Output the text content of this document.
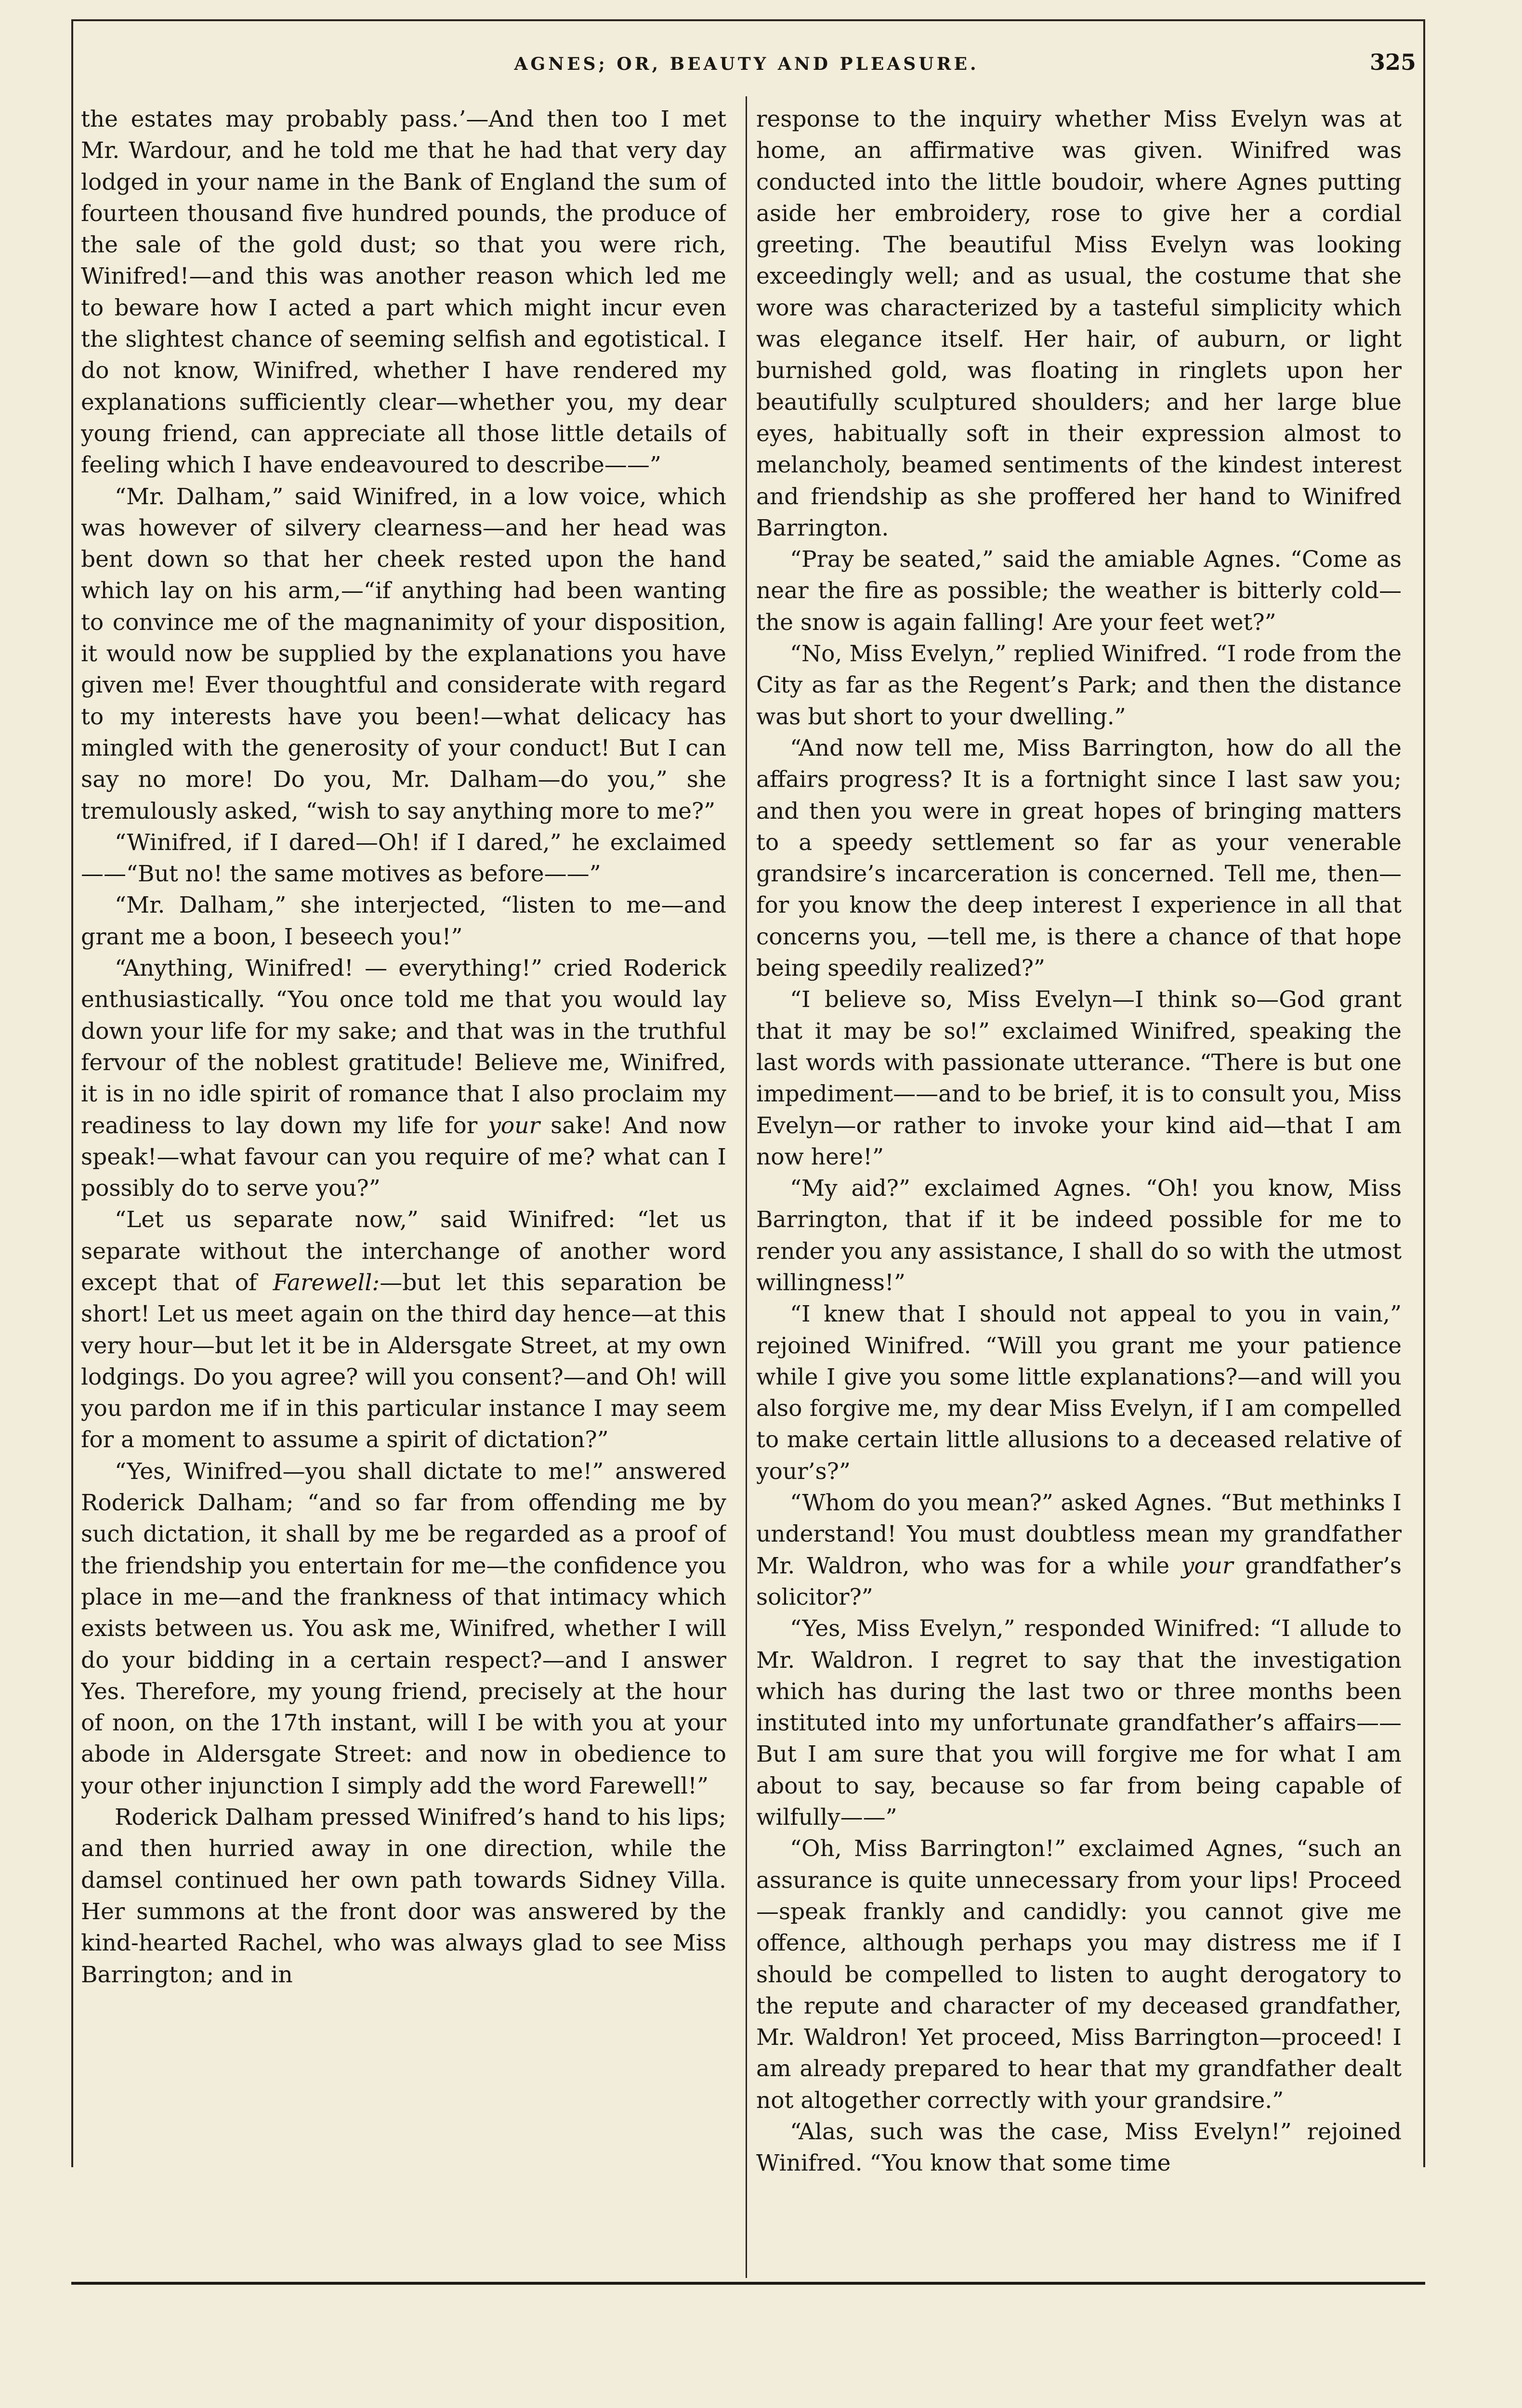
AGNES; OR, BEAUTY AND PLEASURE.	325

the estates may probably pass.’—And then too I met Mr. Wardour, and he told me that he had that very day lodged in your name in the Bank of England the sum of fourteen thousand five hundred pounds, the produce of the sale of the gold dust; so that you were rich, Winifred!—and this was another reason which led me to beware how I acted a part which might incur even the slightest chance of seeming selfish and egotistical. I do not know, Winifred, whether I have rendered my explanations sufficiently clear—whether you, my dear young friend, can appreciate all those little details of feeling which I have endeavoured to describe——”

“Mr. Dalham,” said Winifred, in a low voice, which was however of silvery clearness—and her head was bent down so that her cheek rested upon the hand which lay on his arm,—“if anything had been wanting to convince me of the magnanimity of your disposition, it would now be supplied by the explanations you have given me! Ever thoughtful and considerate with regard to my interests have you been!—what delicacy has mingled with the generosity of your conduct! But I can say no more! Do you, Mr. Dalham—do you,” she tremulously asked, “wish to say anything more to me?”

“Winifred, if I dared—Oh! if I dared,” he exclaimed——“But no! the same motives as before——”

“Mr. Dalham,” she interjected, “listen to me—and grant me a boon, I beseech you!”

“Anything, Winifred! — everything!” cried Roderick enthusiastically. “You once told me that you would lay down your life for my sake; and that was in the truthful fervour of the noblest gratitude! Believe me, Winifred, it is in no idle spirit of romance that I also proclaim my readiness to lay down my life for your sake! And now speak!—what favour can you require of me? what can I possibly do to serve you?”

“Let us separate now,” said Winifred: “let us separate without the interchange of another word except that of Farewell:—but let this separation be short! Let us meet again on the third day hence—at this very hour—but let it be in Aldersgate Street, at my own lodgings. Do you agree? will you consent?—and Oh! will you pardon me if in this particular instance I may seem for a moment to assume a spirit of dictation?”

“Yes, Winifred—you shall dictate to me!” answered Roderick Dalham; “and so far from offending me by such dictation, it shall by me be regarded as a proof of the friendship you entertain for me—the confidence you place in me—and the frankness of that intimacy which exists between us. You ask me, Winifred, whether I will do your bidding in a certain respect?—and I answer Yes. Therefore, my young friend, precisely at the hour of noon, on the 17th instant, will I be with you at your abode in Aldersgate Street: and now in obedience to your other injunction I simply add the word Farewell!”

Roderick Dalham pressed Winifred’s hand to his lips; and then hurried away in one direction, while the damsel continued her own path towards Sidney Villa. Her summons at the front door was answered by the kind-hearted Rachel, who was always glad to see Miss Barrington; and in

response to the inquiry whether Miss Evelyn was at home, an affirmative was given. Winifred was conducted into the little boudoir, where Agnes putting aside her embroidery, rose to give her a cordial greeting. The beautiful Miss Evelyn was looking exceedingly well; and as usual, the costume that she wore was characterized by a tasteful simplicity which was elegance itself. Her hair, of auburn, or light burnished gold, was floating in ringlets upon her beautifully sculptured shoulders; and her large blue eyes, habitually soft in their expression almost to melancholy, beamed sentiments of the kindest interest and friendship as she proffered her hand to Winifred Barrington.

“Pray be seated,” said the amiable Agnes. “Come as near the fire as possible; the weather is bitterly cold—the snow is again falling! Are your feet wet?”

“No, Miss Evelyn,” replied Winifred. “I rode from the City as far as the Regent’s Park; and then the distance was but short to your dwelling.”

“And now tell me, Miss Barrington, how do all the affairs progress? It is a fortnight since I last saw you; and then you were in great hopes of bringing matters to a speedy settlement so far as your venerable grandsire’s incarceration is concerned. Tell me, then—for you know the deep interest I experience in all that concerns you, —tell me, is there a chance of that hope being speedily realized?”

“I believe so, Miss Evelyn—I think so—God grant that it may be so!” exclaimed Winifred, speaking the last words with passionate utterance. “There is but one impediment——and to be brief, it is to consult you, Miss Evelyn—or rather to invoke your kind aid—that I am now here!”

“My aid?” exclaimed Agnes. “Oh! you know, Miss Barrington, that if it be indeed possible for me to render you any assistance, I shall do so with the utmost willingness!”

“I knew that I should not appeal to you in vain,” rejoined Winifred. “Will you grant me your patience while I give you some little explanations?—and will you also forgive me, my dear Miss Evelyn, if I am compelled to make certain little allusions to a deceased relative of your’s?”

“Whom do you mean?” asked Agnes. “But methinks I understand! You must doubtless mean my grandfather Mr. Waldron, who was for a while your grandfather’s solicitor?”

“Yes, Miss Evelyn,” responded Winifred: “I allude to Mr. Waldron. I regret to say that the investigation which has during the last two or three months been instituted into my unfortunate grandfather’s affairs——But I am sure that you will forgive me for what I am about to say, because so far from being capable of wilfully——”

“Oh, Miss Barrington!” exclaimed Agnes, “such an assurance is quite unnecessary from your lips! Proceed—speak frankly and candidly: you cannot give me offence, although perhaps you may distress me if I should be compelled to listen to aught derogatory to the repute and character of my deceased grandfather, Mr. Waldron! Yet proceed, Miss Barrington—proceed! I am already prepared to hear that my grandfather dealt not altogether correctly with your grandsire.”

“Alas, such was the case, Miss Evelyn!” rejoined Winifred. “You know that some time
